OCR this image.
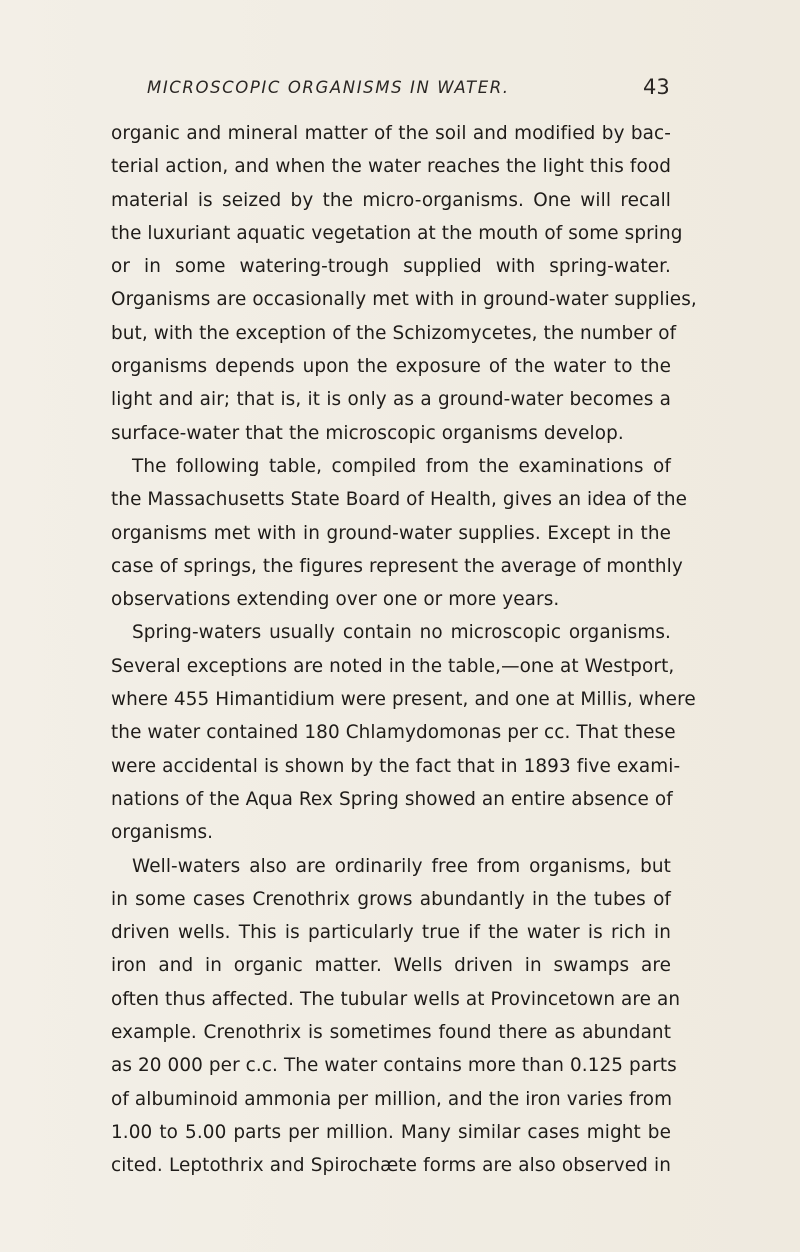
MICROSCOPIC ORGANISMS IN WATER.	43
organic and mineral matter of the soil and modified by bac-
terial action, and when the water reaches the light this food
material is seized by the micro-organisms. One will recall
the luxuriant aquatic vegetation at the mouth of some spring
or in some watering-trough supplied with spring-water.
Organisms are occasionally met with in ground-water supplies,
but, with the exception of the Schizomycetes, the number of
organisms depends upon the exposure of the water to the
light and air; that is, it is only as a ground-water becomes a
surface-water that the microscopic organisms develop.
The following table, compiled from the examinations of
the Massachusetts State Board of Health, gives an idea of the
organisms met with in ground-water supplies. Except in the
case of springs, the figures represent the average of monthly
observations extending over one or more years.
Spring-waters usually contain no microscopic organisms.
Several exceptions are noted in the table,—one at Westport,
where 455 Himantidium were present, and one at Millis, where
the water contained 180 Chlamydomonas per cc. That these
were accidental is shown by the fact that in 1893 five exami-
nations of the Aqua Rex Spring showed an entire absence of
organisms.
Well-waters also are ordinarily free from organisms, but
in some cases Crenothrix grows abundantly in the tubes of
driven wells. This is particularly true if the water is rich in
iron and in organic matter. Wells driven in swamps are
often thus affected. The tubular wells at Provincetown are an
example. Crenothrix is sometimes found there as abundant
as 20 000 per c.c. The water contains more than 0.125 parts
of albuminoid ammonia per million, and the iron varies from
1.00 to 5.00 parts per million. Many similar cases might be
cited. Leptothrix and Spirochæte forms are also observed in
